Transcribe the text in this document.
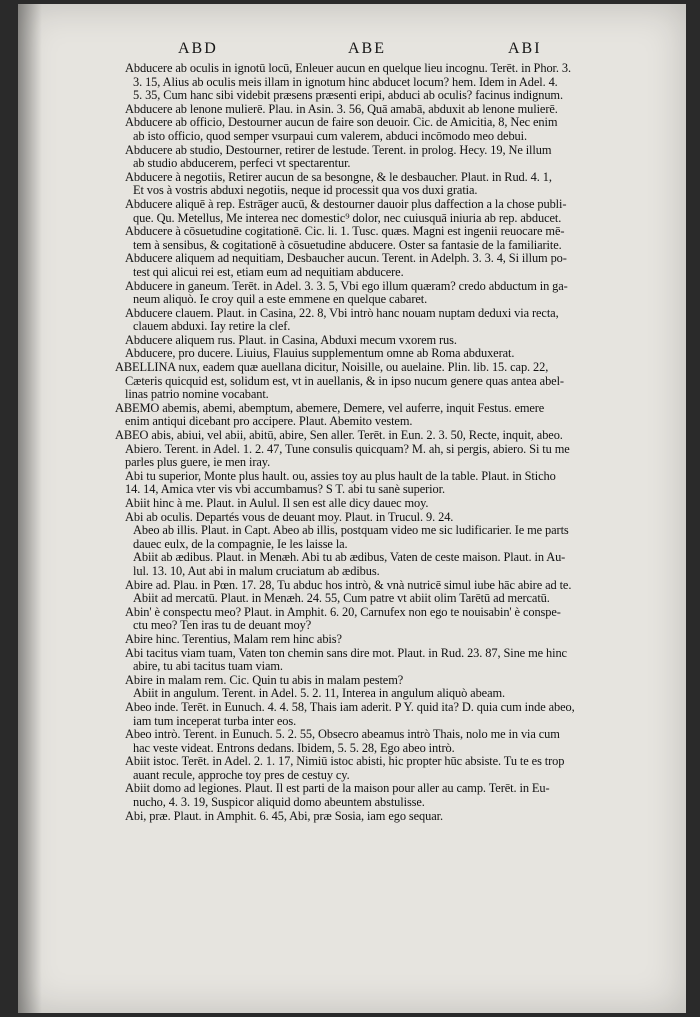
ABD	ABE	ABI
Abducere ab oculis in ignotū locū, Enleuer aucun en quelque lieu incognu. Terēt. in Phor. 3.
3. 15, Alius ab oculis meis illam in ignotum hinc abducet locum? hem. Idem in Adel. 4.
5. 35, Cum hanc sibi videbit præsens præsenti eripi, abduci ab oculis? facinus indignum.
Abducere ab lenone mulierē. Plau. in Asin. 3. 56, Quā amabā, abduxit ab lenone mulierē.
Abducere ab officio, Destourner aucun de faire son deuoir. Cic. de Amicitia, 8, Nec enim
ab isto officio, quod semper vsurpaui cum valerem, abduci incōmodo meo debui.
Abducere ab studio, Destourner, retirer de lestude. Terent. in prolog. Hecy. 19, Ne illum
ab studio abducerem, perfeci vt spectarentur.
Abducere à negotiis, Retirer aucun de sa besongne, & le desbaucher. Plaut. in Rud. 4. 1,
Et vos à vostris abduxi negotiis, neque id processit qua vos duxi gratia.
Abducere aliquē à rep. Estrāger aucū, & destourner dauoir plus daffection a la chose publi-
que. Qu. Metellus, Me interea nec domestic⁹ dolor, nec cuiusquā iniuria ab rep. abducet.
Abducere à cōsuetudine cogitationē. Cic. li. 1. Tusc. quæs. Magni est ingenii reuocare mē-
tem à sensibus, & cogitationē à cōsuetudine abducere. Oster sa fantasie de la familiarite.
Abducere aliquem ad nequitiam, Desbaucher aucun. Terent. in Adelph. 3. 3. 4, Si illum po-
test qui alicui rei est, etiam eum ad nequitiam abducere.
Abducere in ganeum. Terēt. in Adel. 3. 3. 5, Vbi ego illum quæram? credo abductum in ga-
neum aliquò. Ie croy quil a este emmene en quelque cabaret.
Abducere clauem. Plaut. in Casina, 22. 8, Vbi intrò hanc nouam nuptam deduxi via recta,
clauem abduxi. Iay retire la clef.
Abducere aliquem rus. Plaut. in Casina, Abduxi mecum vxorem rus.
Abducere, pro ducere. Liuius, Flauius supplementum omne ab Roma abduxerat.
ABELLINA nux, eadem quæ auellana dicitur, Noisille, ou auelaine. Plin. lib. 15. cap. 22,
Cæteris quicquid est, solidum est, vt in auellanis, & in ipso nucum genere quas antea abel-
linas patrio nomine vocabant.
ABEMO abemis, abemi, abemptum, abemere, Demere, vel auferre, inquit Festus. emere
enim antiqui dicebant pro accipere. Plaut. Abemito vestem.
ABEO abis, abiui, vel abii, abitū, abire, Sen aller. Terēt. in Eun. 2. 3. 50, Recte, inquit, abeo.
Abiero. Terent. in Adel. 1. 2. 47, Tune consulis quicquam? M. ah, si pergis, abiero. Si tu me
parles plus guere, ie men iray.
Abi tu superior, Monte plus hault. ou, assies toy au plus hault de la table. Plaut. in Sticho
14. 14, Amica vter vis vbi accumbamus? S T. abi tu sanè superior.
Abiit hinc à me. Plaut. in Aulul. Il sen est alle dicy dauec moy.
Abi ab oculis. Departés vous de deuant moy. Plaut. in Trucul. 9. 24.
Abeo ab illis. Plaut. in Capt. Abeo ab illis, postquam video me sic ludificarier. Ie me parts
dauec eulx, de la compagnie, Ie les laisse la.
Abiit ab ædibus. Plaut. in Menæh. Abi tu ab ædibus, Vaten de ceste maison. Plaut. in Au-
lul. 13. 10, Aut abi in malum cruciatum ab ædibus.
Abire ad. Plau. in Pœn. 17. 28, Tu abduc hos intrò, & vnà nutricē simul iube hāc abire ad te.
Abiit ad mercatū. Plaut. in Menæh. 24. 55, Cum patre vt abiit olim Tarētū ad mercatū.
Abin' è conspectu meo? Plaut. in Amphit. 6. 20, Carnufex non ego te nouisabin' è conspe-
ctu meo? Ten iras tu de deuant moy?
Abire hinc. Terentius, Malam rem hinc abis?
Abi tacitus viam tuam, Vaten ton chemin sans dire mot. Plaut. in Rud. 23. 87, Sine me hinc
abire, tu abi tacitus tuam viam.
Abire in malam rem. Cic. Quin tu abis in malam pestem?
Abiit in angulum. Terent. in Adel. 5. 2. 11, Interea in angulum aliquò abeam.
Abeo inde. Terēt. in Eunuch. 4. 4. 58, Thais iam aderit. P Y. quid ita? D. quia cum inde abeo,
iam tum inceperat turba inter eos.
Abeo intrò. Terent. in Eunuch. 5. 2. 55, Obsecro abeamus intrò Thais, nolo me in via cum
hac veste videat. Entrons dedans. Ibidem, 5. 5. 28, Ego abeo intrò.
Abiit istoc. Terēt. in Adel. 2. 1. 17, Nimiū istoc abisti, hic propter hūc absiste. Tu te es trop
auant recule, approche toy pres de cestuy cy.
Abiit domo ad legiones. Plaut. Il est parti de la maison pour aller au camp. Terēt. in Eu-
nucho, 4. 3. 19, Suspicor aliquid domo abeuntem abstulisse.
Abi, præ. Plaut. in Amphit. 6. 45, Abi, præ Sosia, iam ego sequar.
